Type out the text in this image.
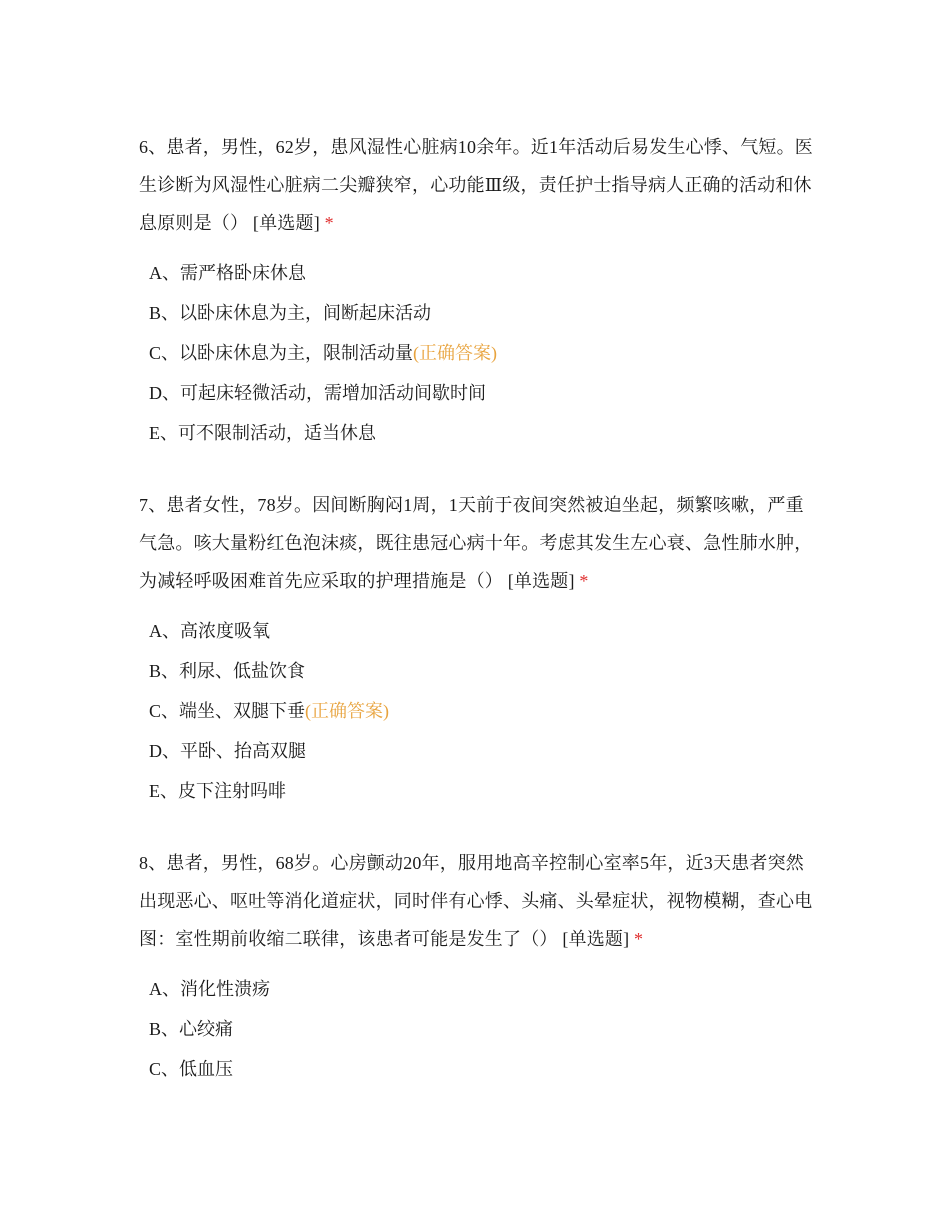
6、患者，男性，62岁，患风湿性心脏病10余年。近1年活动后易发生心悸、气短。医生诊断为风湿性心脏病二尖瓣狭窄，心功能Ⅲ级，责任护士指导病人正确的活动和休息原则是（） [单选题] *

A、需严格卧床休息
B、以卧床休息为主，间断起床活动
C、以卧床休息为主，限制活动量(正确答案)
D、可起床轻微活动，需增加活动间歇时间
E、可不限制活动，适当休息

7、患者女性，78岁。因间断胸闷1周，1天前于夜间突然被迫坐起，频繁咳嗽，严重气急。咳大量粉红色泡沫痰，既往患冠心病十年。考虑其发生左心衰、急性肺水肿，为减轻呼吸困难首先应采取的护理措施是（） [单选题] *

A、高浓度吸氧
B、利尿、低盐饮食
C、端坐、双腿下垂(正确答案)
D、平卧、抬高双腿
E、皮下注射吗啡

8、患者，男性，68岁。心房颤动20年，服用地高辛控制心室率5年，近3天患者突然出现恶心、呕吐等消化道症状，同时伴有心悸、头痛、头晕症状，视物模糊，查心电图：室性期前收缩二联律，该患者可能是发生了（） [单选题] *

A、消化性溃疡
B、心绞痛
C、低血压
